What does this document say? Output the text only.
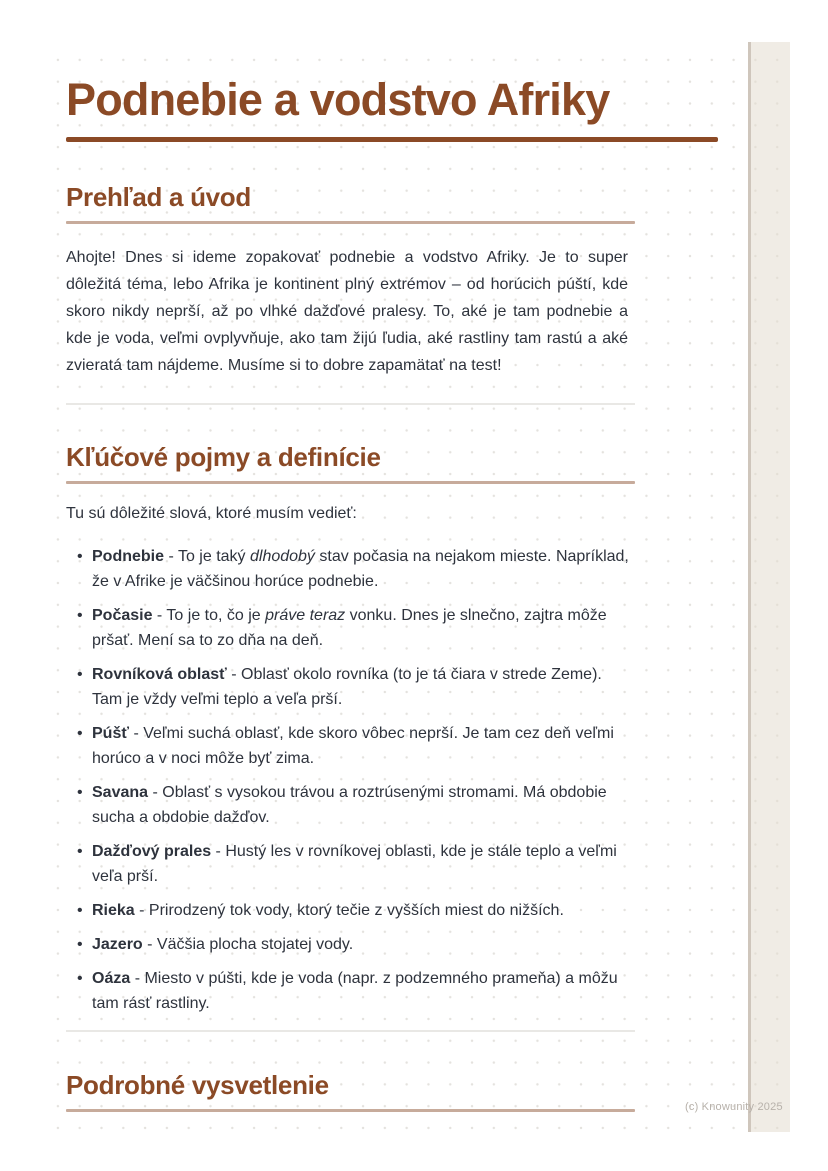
Podnebie a vodstvo Afriky
Prehľad a úvod

Ahojte! Dnes si ideme zopakovať podnebie a vodstvo Afriky. Je to super dôležitá téma, lebo Afrika je kontinent plný extrémov – od horúcich púští, kde skoro nikdy neprší, až po vlhké dažďové pralesy. To, aké je tam podnebie a kde je voda, veľmi ovplyvňuje, ako tam žijú ľudia, aké rastliny tam rastú a aké zvieratá tam nájdeme. Musíme si to dobre zapamätať na test!

Kľúčové pojmy a definície

Tu sú dôležité slová, ktoré musím vedieť:

• Podnebie - To je taký dlhodobý stav počasia na nejakom mieste. Napríklad, že v Afrike je väčšinou horúce podnebie.
• Počasie - To je to, čo je práve teraz vonku. Dnes je slnečno, zajtra môže pršať. Mení sa to zo dňa na deň.
• Rovníková oblasť - Oblasť okolo rovníka (to je tá čiara v strede Zeme). Tam je vždy veľmi teplo a veľa prší.
• Púšť - Veľmi suchá oblasť, kde skoro vôbec neprší. Je tam cez deň veľmi horúco a v noci môže byť zima.
• Savana - Oblasť s vysokou trávou a roztrúsenými stromami. Má obdobie sucha a obdobie dažďov.
• Dažďový prales - Hustý les v rovníkovej oblasti, kde je stále teplo a veľmi veľa prší.
• Rieka - Prirodzený tok vody, ktorý tečie z vyšších miest do nižších.
• Jazero - Väčšia plocha stojatej vody.
• Oáza - Miesto v púšti, kde je voda (napr. z podzemného prameňa) a môžu tam rásť rastliny.
Podrobné vysvetlenie
(c) Knowunity 2025
